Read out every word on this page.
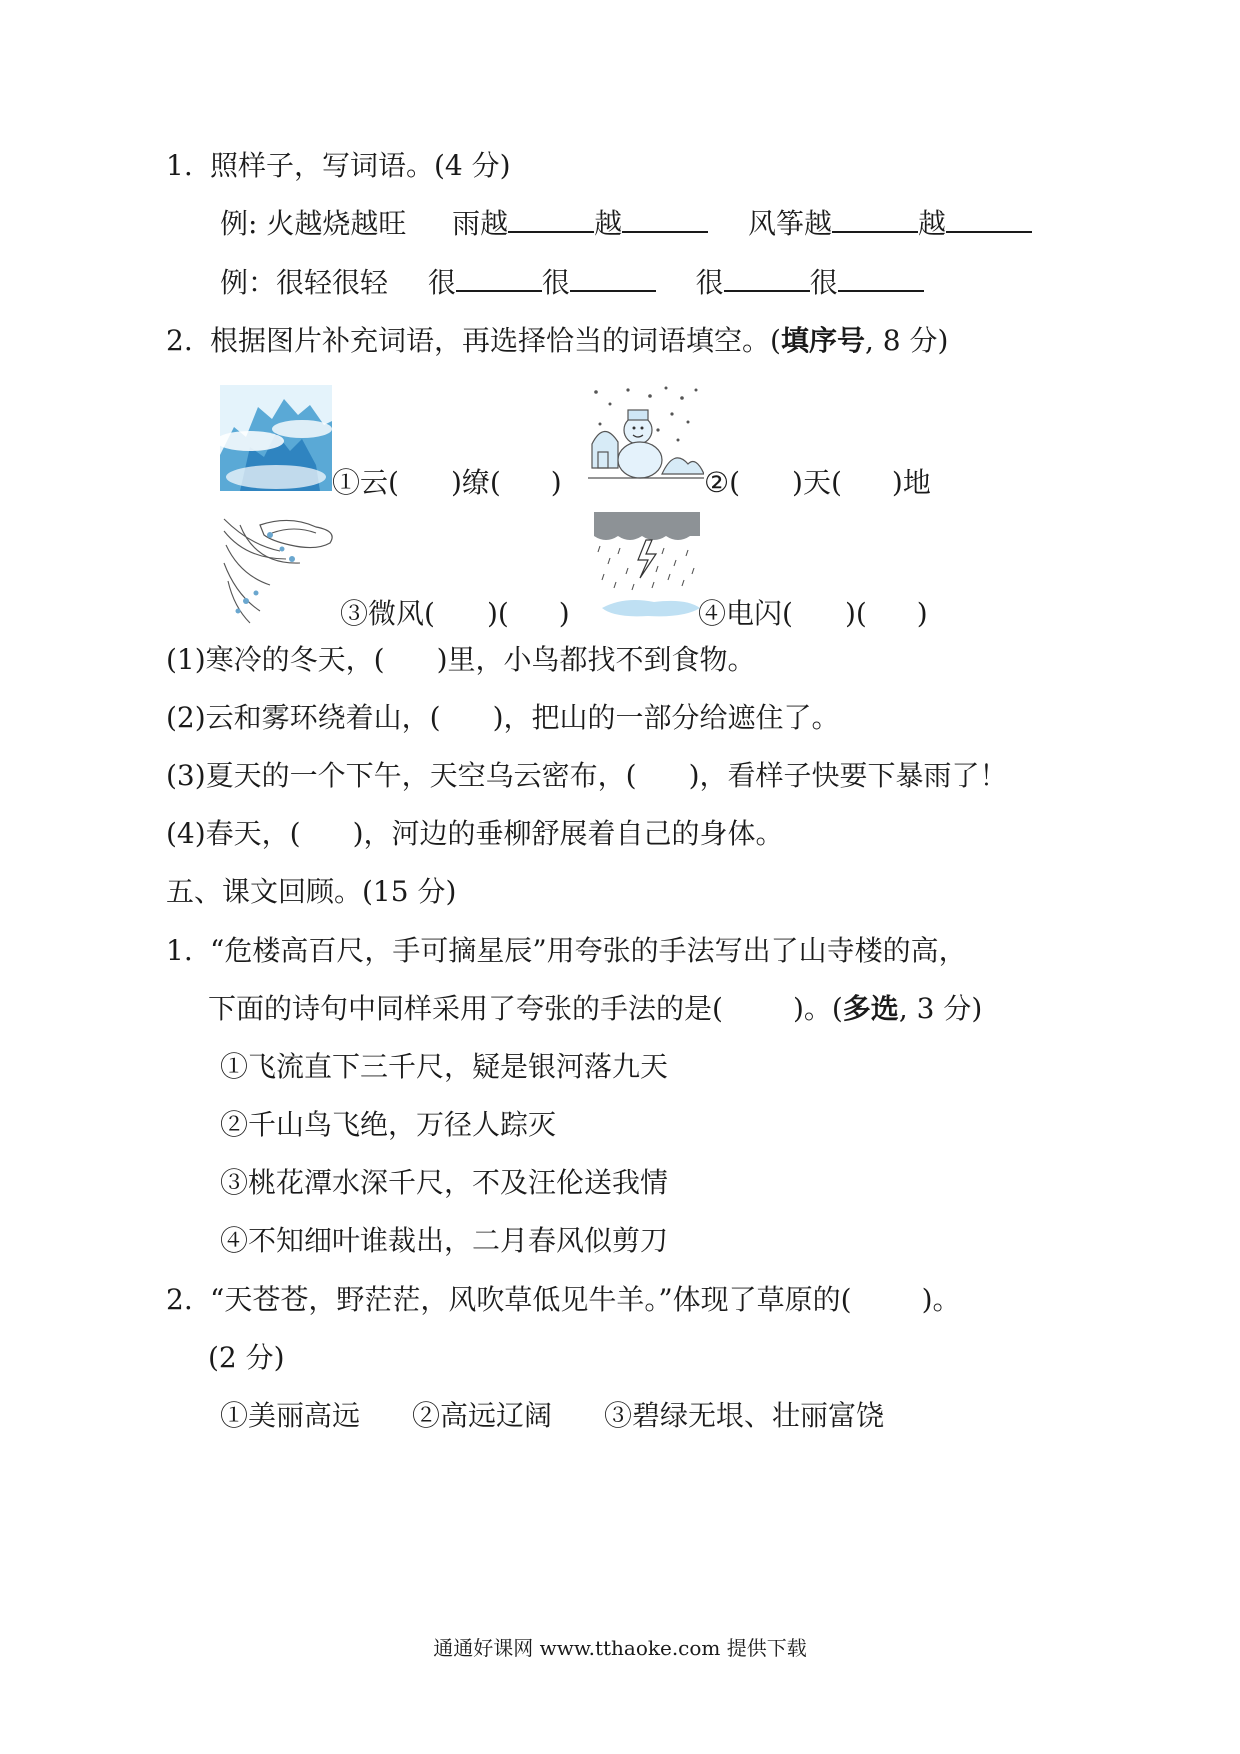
1. 照样子，写词语。(4 分)
例: 火越烧越旺 雨越	越	风筝越	越
例：很轻很轻 很	很	很	很
2. 根据图片补充词语，再选择恰当的词语填空。(填序号, 8 分)
①云( )缭( )	②( )天( )地
③微风( )( )	④电闪( )( )
(1)寒冷的冬天，( )里，小鸟都找不到食物。
(2)云和雾环绕着山，( )，把山的一部分给遮住了。
(3)夏天的一个下午，天空乌云密布，( )，看样子快要下暴雨了！
(4)春天，( )，河边的垂柳舒展着自己的身体。
五、课文回顾。(15 分)
1. “危楼高百尺，手可摘星辰”用夸张的手法写出了山寺楼的高，
下面的诗句中同样采用了夸张的手法的是(	)。(多选, 3 分)
①飞流直下三千尺，疑是银河落九天
②千山鸟飞绝，万径人踪灭
③桃花潭水深千尺，不及汪伦送我情
④不知细叶谁裁出，二月春风似剪刀
2. “天苍苍，野茫茫，风吹草低见牛羊。”体现了草原的(	)。
(2 分)
①美丽高远 ②高远辽阔 ③碧绿无垠、壮丽富饶
通通好课网 www.tthaoke.com 提供下载
